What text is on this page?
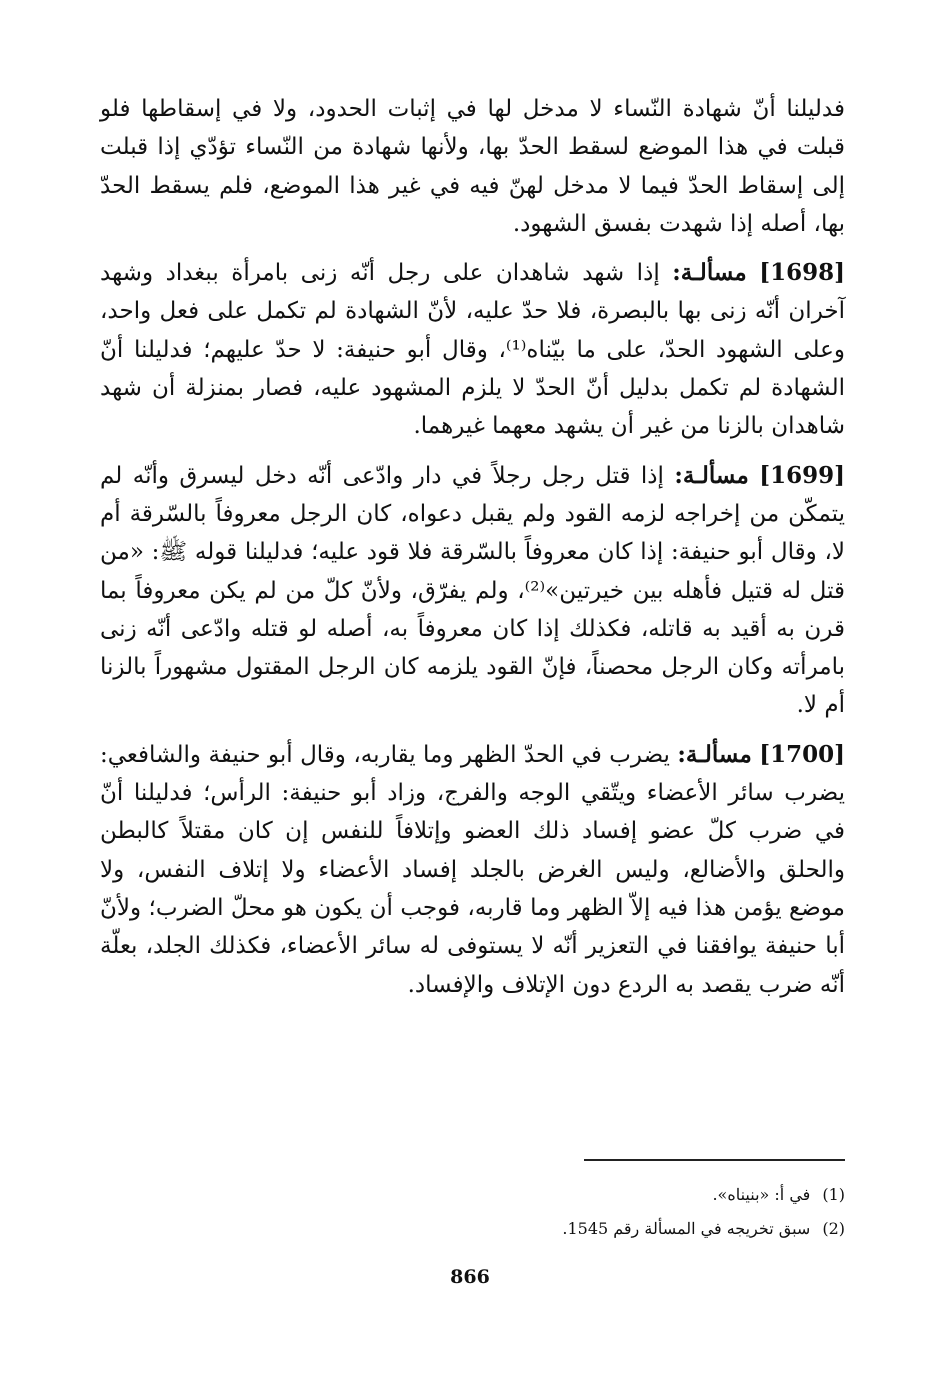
فدليلنا أنّ شهادة النّساء لا مدخل لها في إثبات الحدود، ولا في إسقاطها فلو قبلت في هذا الموضع لسقط الحدّ بها، ولأنها شهادة من النّساء تؤدّي إذا قبلت إلى إسقاط الحدّ فيما لا مدخل لهنّ فيه في غير هذا الموضع، فلم يسقط الحدّ بها، أصله إذا شهدت بفسق الشهود.

[1698] مسألـة: إذا شهد شاهدان على رجل أنّه زنى بامرأة ببغداد وشهد آخران أنّه زنى بها بالبصرة، فلا حدّ عليه، لأنّ الشهادة لم تكمل على فعل واحد، وعلى الشهود الحدّ، على ما بيّناه⁽¹⁾، وقال أبو حنيفة: لا حدّ عليهم؛ فدليلنا أنّ الشهادة لم تكمل بدليل أنّ الحدّ لا يلزم المشهود عليه، فصار بمنزلة أن شهد شاهدان بالزنا من غير أن يشهد معهما غيرهما.

[1699] مسألـة: إذا قتل رجل رجلاً في دار وادّعى أنّه دخل ليسرق وأنّه لم يتمكّن من إخراجه لزمه القود ولم يقبل دعواه، كان الرجل معروفاً بالسّرقة أم لا، وقال أبو حنيفة: إذا كان معروفاً بالسّرقة فلا قود عليه؛ فدليلنا قوله ﷺ: «من قتل له قتيل فأهله بين خيرتين»⁽²⁾، ولم يفرّق، ولأنّ كلّ من لم يكن معروفاً بما قرن به أقيد به قاتله، فكذلك إذا كان معروفاً به، أصله لو قتله وادّعى أنّه زنى بامرأته وكان الرجل محصناً، فإنّ القود يلزمه كان الرجل المقتول مشهوراً بالزنا أم لا.

[1700] مسألـة: يضرب في الحدّ الظهر وما يقاربه، وقال أبو حنيفة والشافعي: يضرب سائر الأعضاء ويتّقي الوجه والفرج، وزاد أبو حنيفة: الرأس؛ فدليلنا أنّ في ضرب كلّ عضو إفساد ذلك العضو وإتلافاً للنفس إن كان مقتلاً كالبطن والحلق والأضالع، وليس الغرض بالجلد إفساد الأعضاء ولا إتلاف النفس، ولا موضع يؤمن هذا فيه إلاّ الظهر وما قاربه، فوجب أن يكون هو محلّ الضرب؛ ولأنّ أبا حنيفة يوافقنا في التعزير أنّه لا يستوفى له سائر الأعضاء، فكذلك الجلد، بعلّة أنّه ضرب يقصد به الردع دون الإتلاف والإفساد.

(1)
في أ: «بنيناه».
(2)
سبق تخريجه في المسألة رقم 1545.
866
